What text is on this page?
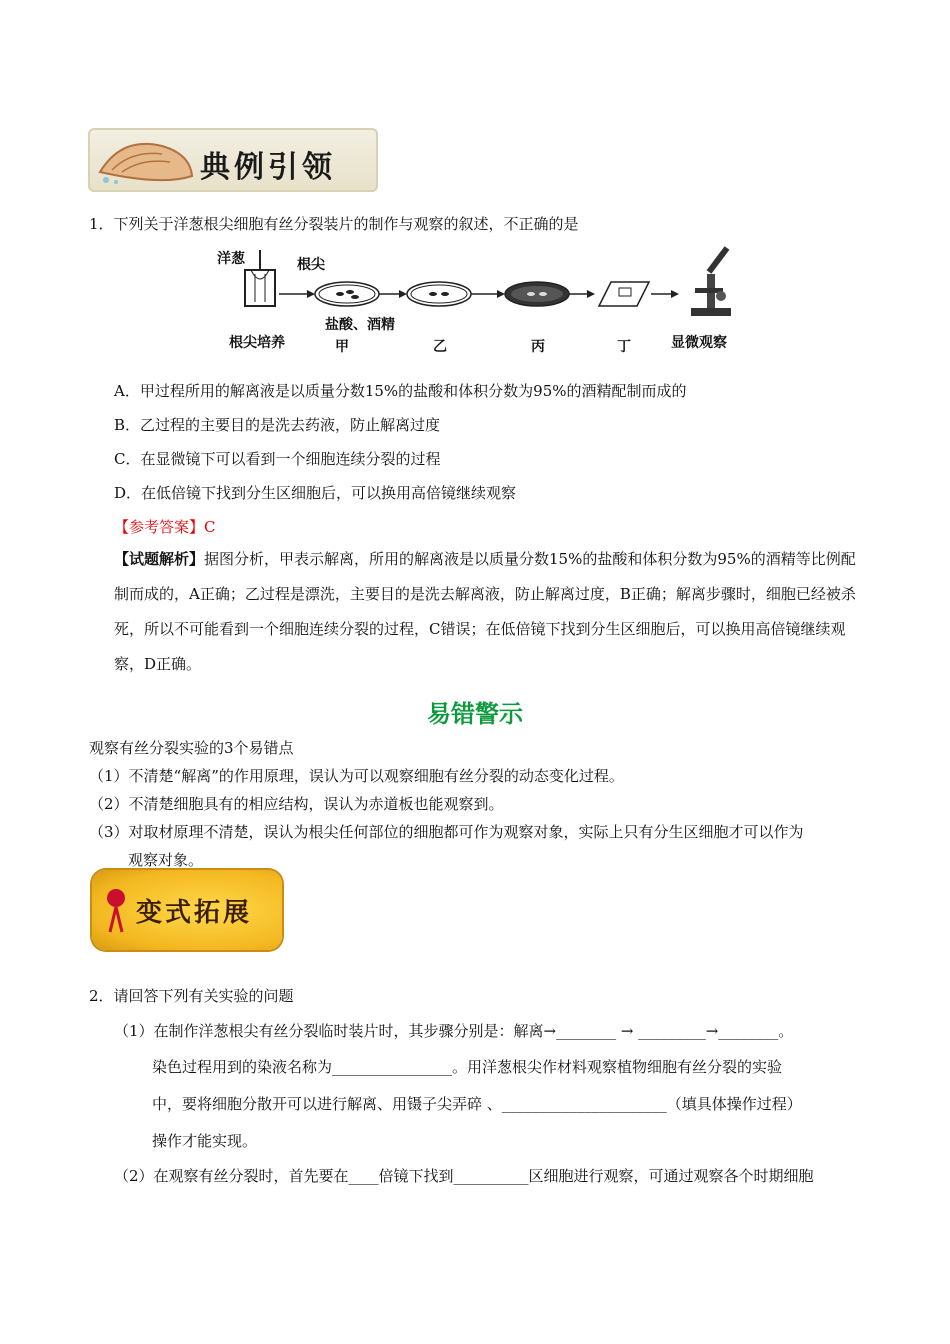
典例引领
1．下列关于洋葱根尖细胞有丝分裂装片的制作与观察的叙述，不正确的是
洋葱	根尖
盐酸、酒精
根尖培养	甲	乙	丙	丁	显微观察
A．甲过程所用的解离液是以质量分数15%的盐酸和体积分数为95%的酒精配制而成的
B．乙过程的主要目的是洗去药液，防止解离过度
C．在显微镜下可以看到一个细胞连续分裂的过程
D．在低倍镜下找到分生区细胞后，可以换用高倍镜继续观察
【参考答案】C
【试题解析】据图分析，甲表示解离，所用的解离液是以质量分数15%的盐酸和体积分数为95%的酒精等比例配制而成的，A正确；乙过程是漂洗，主要目的是洗去解离液，防止解离过度，B正确；解离步骤时，细胞已经被杀死，所以不可能看到一个细胞连续分裂的过程，C错误；在低倍镜下找到分生区细胞后，可以换用高倍镜继续观察，D正确。
易错警示
观察有丝分裂实验的3个易错点
（1）不清楚“解离”的作用原理，误认为可以观察细胞有丝分裂的动态变化过程。
（2）不清楚细胞具有的相应结构，误认为赤道板也能观察到。
（3）对取材原理不清楚，误认为根尖任何部位的细胞都可作为观察对象，实际上只有分生区细胞才可以作为
观察对象。
变式拓展
2．请回答下列有关实验的问题
（1）在制作洋葱根尖有丝分裂临时装片时，其步骤分别是：解离→________ → _________→________。
染色过程用到的染液名称为________________。用洋葱根尖作材料观察植物细胞有丝分裂的实验
中，要将细胞分散开可以进行解离、用镊子尖弄碎 、______________________（填具体操作过程）
操作才能实现。
（2）在观察有丝分裂时，首先要在____倍镜下找到__________区细胞进行观察，可通过观察各个时期细胞
